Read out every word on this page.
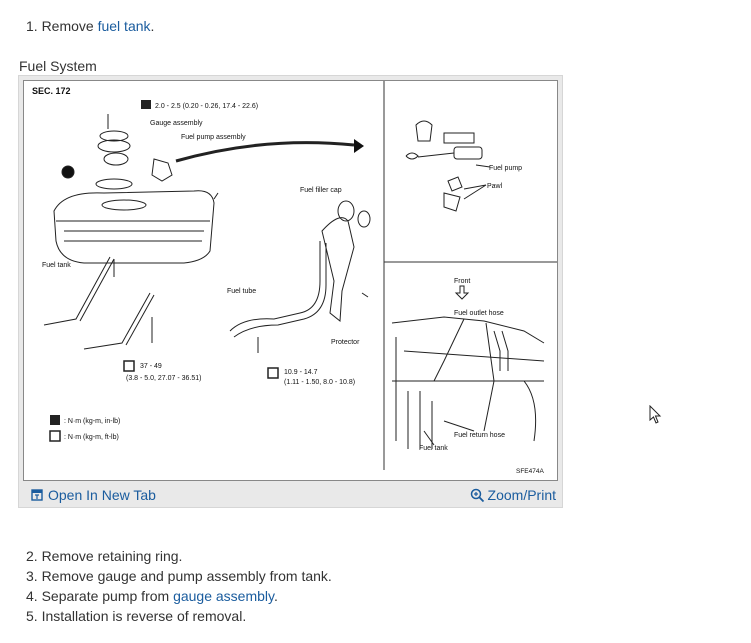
1. Remove fuel tank.
Fuel System
SEC. 172
2.0 - 2.5 (0.20 - 0.26, 17.4 - 22.6)
Gauge assembly
Fuel pump assembly
Fuel filler cap
Fuel tank
Fuel tube
Protector
37 - 49
(3.8 - 5.0, 27.07 - 36.51)
10.9 - 14.7
(1.11 - 1.50, 8.0 - 10.8)
: N·m (kg-m, in-lb)
: N·m (kg-m, ft-lb)
Fuel pump
Pawl
Front
Fuel outlet hose
Fuel return hose
Fuel tank
SFE474A
Open In New Tab	Zoom/Print
2. Remove retaining ring.
3. Remove gauge and pump assembly from tank.
4. Separate pump from gauge assembly.
5. Installation is reverse of removal.
